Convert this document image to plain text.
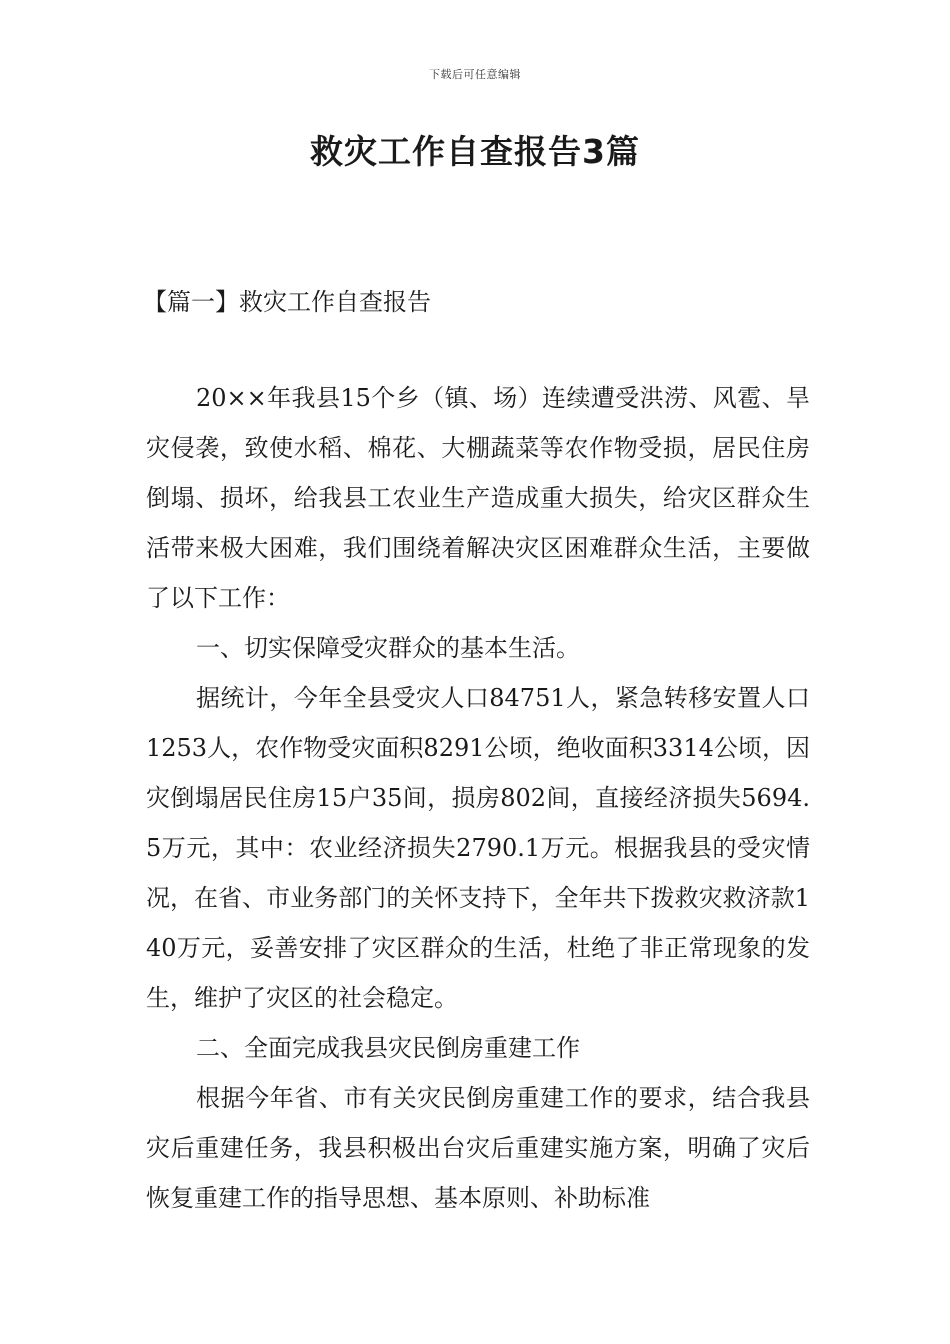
下载后可任意编辑
救灾工作自查报告3篇
【篇一】救灾工作自查报告

20××年我县15个乡（镇、场）连续遭受洪涝、风雹、旱灾侵袭，致使水稻、棉花、大棚蔬菜等农作物受损，居民住房倒塌、损坏，给我县工农业生产造成重大损失，给灾区群众生活带来极大困难，我们围绕着解决灾区困难群众生活，主要做了以下工作：

一、切实保障受灾群众的基本生活。

据统计，今年全县受灾人口84751人，紧急转移安置人口1253人，农作物受灾面积8291公顷，绝收面积3314公顷，因灾倒塌居民住房15户35间，损房802间，直接经济损失5694.5万元，其中：农业经济损失2790.1万元。根据我县的受灾情况，在省、市业务部门的关怀支持下，全年共下拨救灾救济款140万元，妥善安排了灾区群众的生活，杜绝了非正常现象的发生，维护了灾区的社会稳定。

二、全面完成我县灾民倒房重建工作

根据今年省、市有关灾民倒房重建工作的要求，结合我县灾后重建任务，我县积极出台灾后重建实施方案，明确了灾后恢复重建工作的指导思想、基本原则、补助标准
